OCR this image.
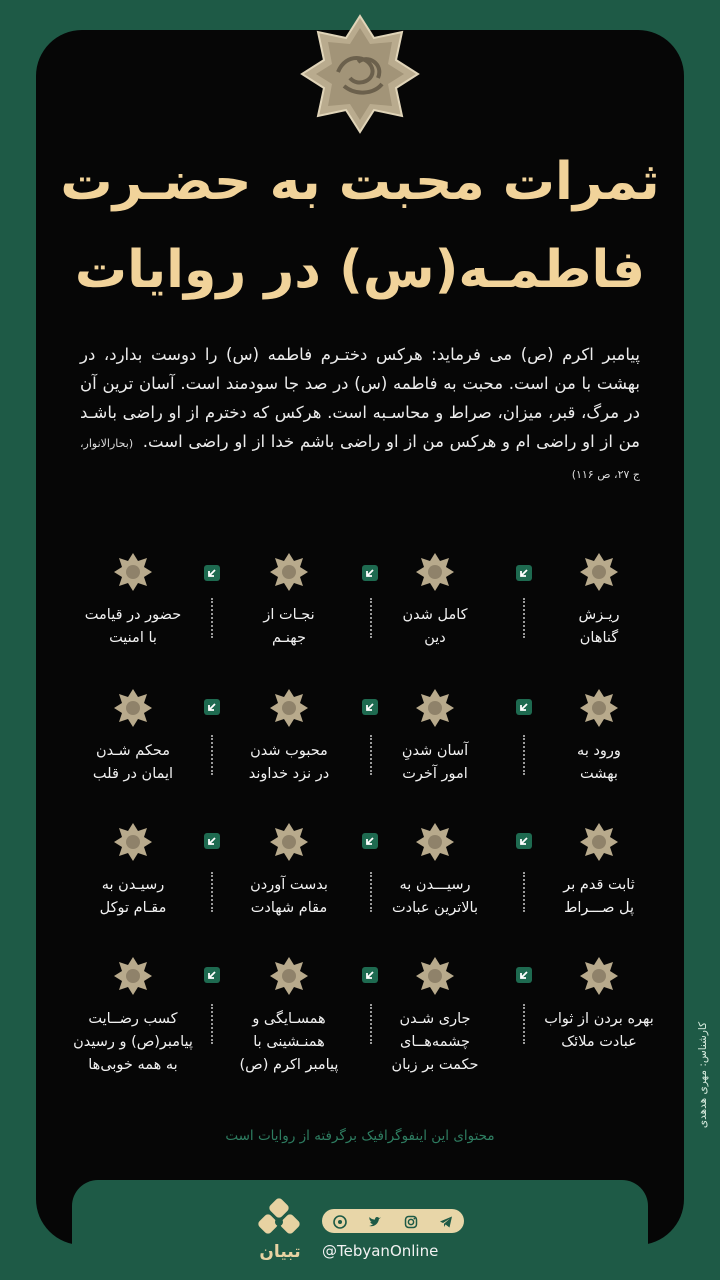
ثمرات محبت به حضـرت
فاطمـه(س) در روایات
پیامبر اکرم (ص) می فرماید: هرکس دختـرم فاطمه (س) را دوست بدارد، در بهشت با من است. محبت به فاطمه (س) در صد جا سودمند است. آسان ترین آن در مرگ، قبر، میزان، صراط و محاسـبه است. هرکس که دخترم از او راضی باشـد من از او راضی ام و هرکس من از او راضی باشم خدا از او راضی است. (بحارالانوار، ج ۲۷، ص ۱۱۶)
ریـزش
گناهان
کامل شدن
دین
نجـات از
جهنـم
حضور در قیامت
با امنیت
ورود به
بهشت
آسان شدنِ
امور آخرت
محبوب شدن
در نزد خداوند
محکم شـدن
ایمان در قلب
ثابت قدم بر
پل صـــراط
رسیـــدن به
بالاترین عبادت
بدست آوردن
مقام شهادت
رسیـدن به
مقـام توکل
بهره بردن از ثواب
عبادت ملائک
جاری شـدن
چشمه‌هــای
حکمت بر زبان
همسـایگی و
همنـشینی با
پیامبر اکرم (ص)
کسب رضــایت
پیامبر(ص) و رسیدن
به همه خوبی‌ها
محتوای این اینفوگرافیک برگرفته از روایات است
کارشناس: مهری هدهدی
تبیان	@TebyanOnline
